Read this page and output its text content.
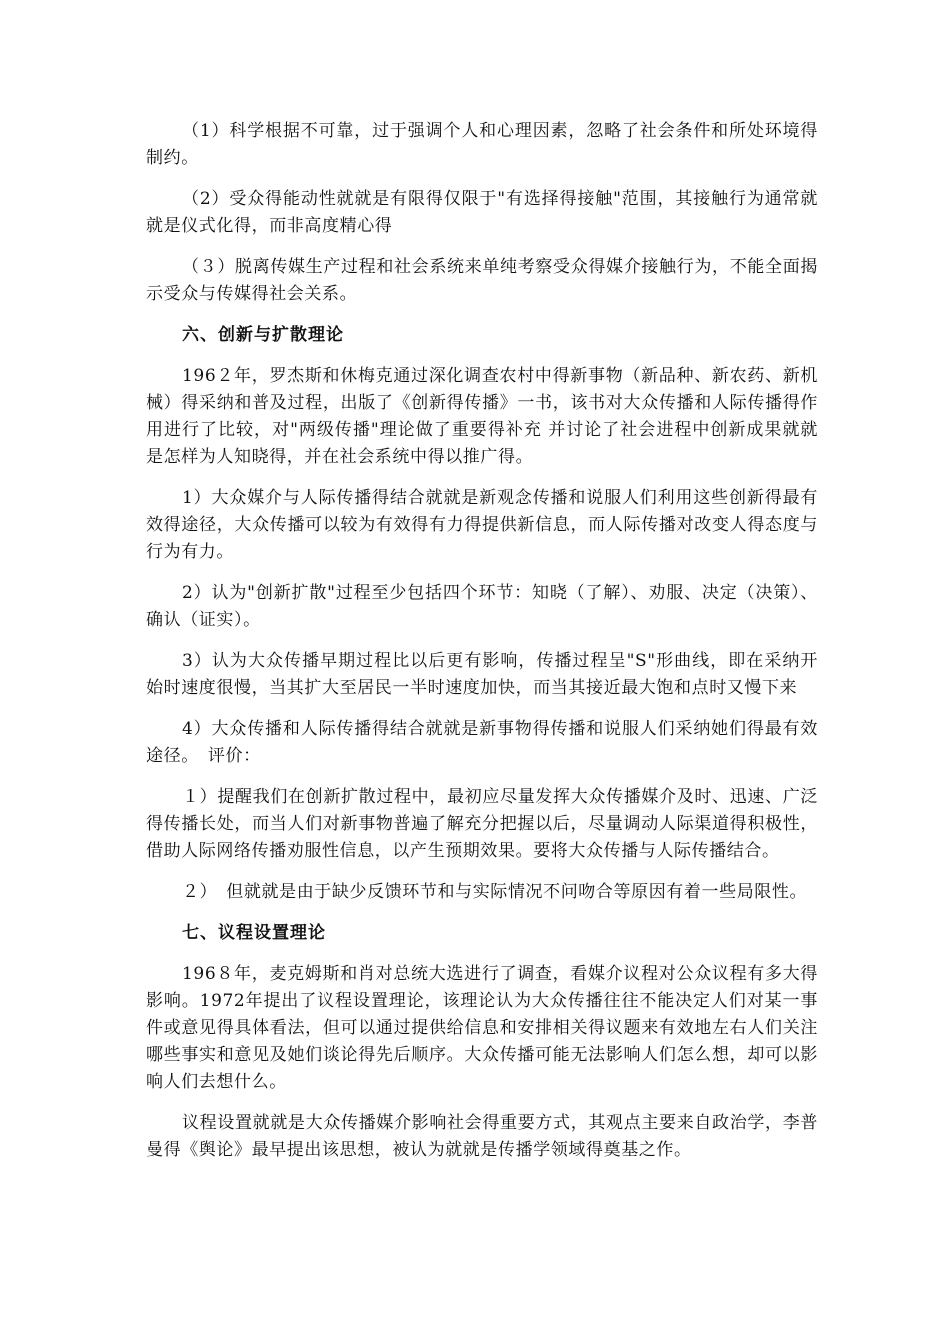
（1）科学根据不可靠，过于强调个人和心理因素，忽略了社会条件和所处环境得制约。

（2）受众得能动性就就是有限得仅限于"有选择得接触"范围，其接触行为通常就就是仪式化得，而非高度精心得

（３）脱离传媒生产过程和社会系统来单纯考察受众得媒介接触行为，不能全面揭示受众与传媒得社会关系。

六、创新与扩散理论

196２年，罗杰斯和休梅克通过深化调查农村中得新事物（新品种、新农药、新机械）得采纳和普及过程，出版了《创新得传播》一书，该书对大众传播和人际传播得作用进行了比较，对"两级传播"理论做了重要得补充 并讨论了社会进程中创新成果就就是怎样为人知晓得，并在社会系统中得以推广得。

1）大众媒介与人际传播得结合就就是新观念传播和说服人们利用这些创新得最有效得途径，大众传播可以较为有效得有力得提供新信息，而人际传播对改变人得态度与行为有力。

2）认为"创新扩散"过程至少包括四个环节：知晓（了解）、劝服、决定（决策）、确认（证实）。

3）认为大众传播早期过程比以后更有影响，传播过程呈"S"形曲线，即在采纳开始时速度很慢，当其扩大至居民一半时速度加快，而当其接近最大饱和点时又慢下来

4）大众传播和人际传播得结合就就是新事物得传播和说服人们采纳她们得最有效途径。　评价：

１）提醒我们在创新扩散过程中，最初应尽量发挥大众传播媒介及时、迅速、广泛得传播长处，而当人们对新事物普遍了解充分把握以后，尽量调动人际渠道得积极性，借助人际网络传播劝服性信息，以产生预期效果。要将大众传播与人际传播结合。

２）　但就就是由于缺少反馈环节和与实际情况不问吻合等原因有着一些局限性。

七、议程设置理论

196８年，麦克姆斯和肖对总统大选进行了调查，看媒介议程对公众议程有多大得影响。1972年提出了议程设置理论，该理论认为大众传播往往不能决定人们对某一事件或意见得具体看法，但可以通过提供给信息和安排相关得议题来有效地左右人们关注哪些事实和意见及她们谈论得先后顺序。大众传播可能无法影响人们怎么想，却可以影响人们去想什么。

议程设置就就是大众传播媒介影响社会得重要方式，其观点主要来自政治学，李普曼得《舆论》最早提出该思想，被认为就就是传播学领域得奠基之作。
